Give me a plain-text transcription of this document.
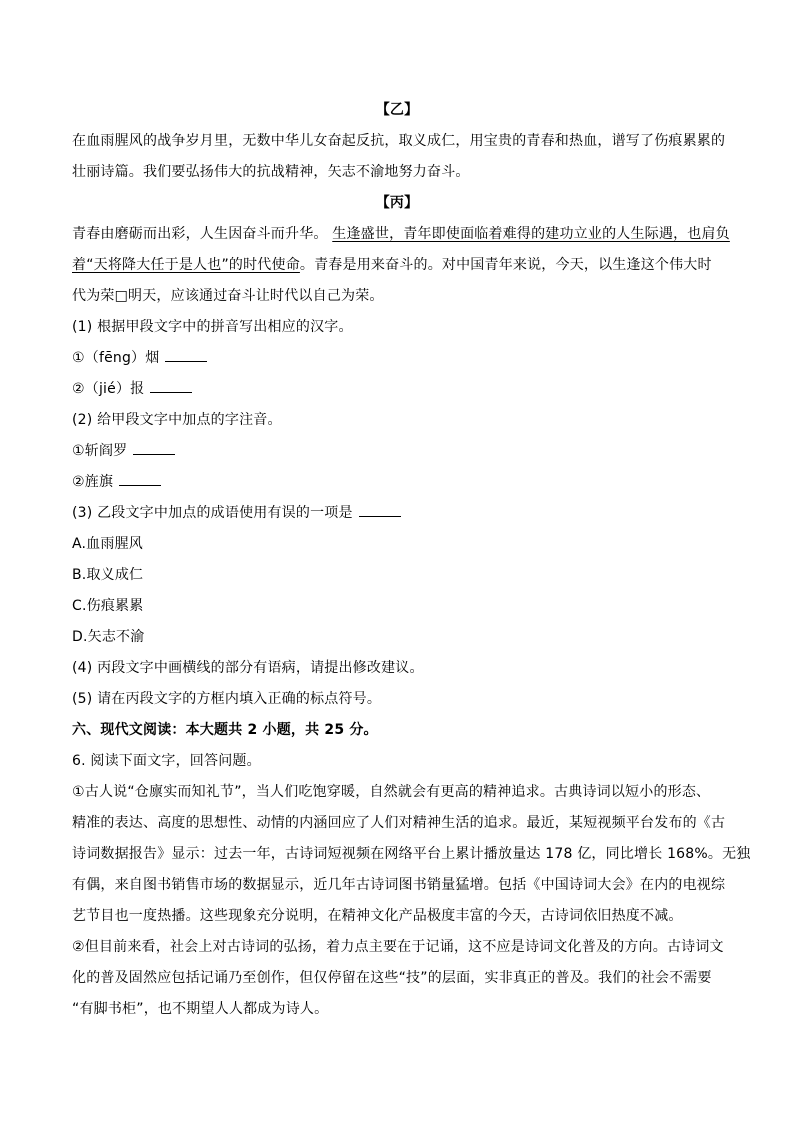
【乙】
在血雨腥风的战争岁月里，无数中华儿女奋起反抗，取义成仁，用宝贵的青春和热血，谱写了伤痕累累的
壮丽诗篇。我们要弘扬伟大的抗战精神，矢志不渝地努力奋斗。
【丙】
青春由磨砺而出彩，人生因奋斗而升华。 生逢盛世，青年即使面临着难得的建功立业的人生际遇，也肩负
着“天将降大任于是人也”的时代使命。青春是用来奋斗的。对中国青年来说，今天，以生逢这个伟大时
代为荣□明天，应该通过奋斗让时代以自己为荣。
(1) 根据甲段文字中的拼音写出相应的汉字。
①（fēng）烟
②（jié）报
(2) 给甲段文字中加点的字注音。
①斩阎罗
②旌旗
(3) 乙段文字中加点的成语使用有误的一项是
A.血雨腥风
B.取义成仁
C.伤痕累累
D.矢志不渝
(4) 丙段文字中画横线的部分有语病，请提出修改建议。
(5) 请在丙段文字的方框内填入正确的标点符号。
六、现代文阅读：本大题共 2 小题，共 25 分。
6. 阅读下面文字，回答问题。
①古人说“仓廪实而知礼节”，当人们吃饱穿暖，自然就会有更高的精神追求。古典诗词以短小的形态、
精准的表达、高度的思想性、动情的内涵回应了人们对精神生活的追求。最近，某短视频平台发布的《古
诗词数据报告》显示：过去一年，古诗词短视频在网络平台上累计播放量达 178 亿，同比增长 168%。无独
有偶，来自图书销售市场的数据显示，近几年古诗词图书销量猛增。包括《中国诗词大会》在内的电视综
艺节目也一度热播。这些现象充分说明，在精神文化产品极度丰富的今天，古诗词依旧热度不减。
②但目前来看，社会上对古诗词的弘扬，着力点主要在于记诵，这不应是诗词文化普及的方向。古诗词文
化的普及固然应包括记诵乃至创作，但仅停留在这些“技”的层面，实非真正的普及。我们的社会不需要
“有脚书柜”，也不期望人人都成为诗人。
